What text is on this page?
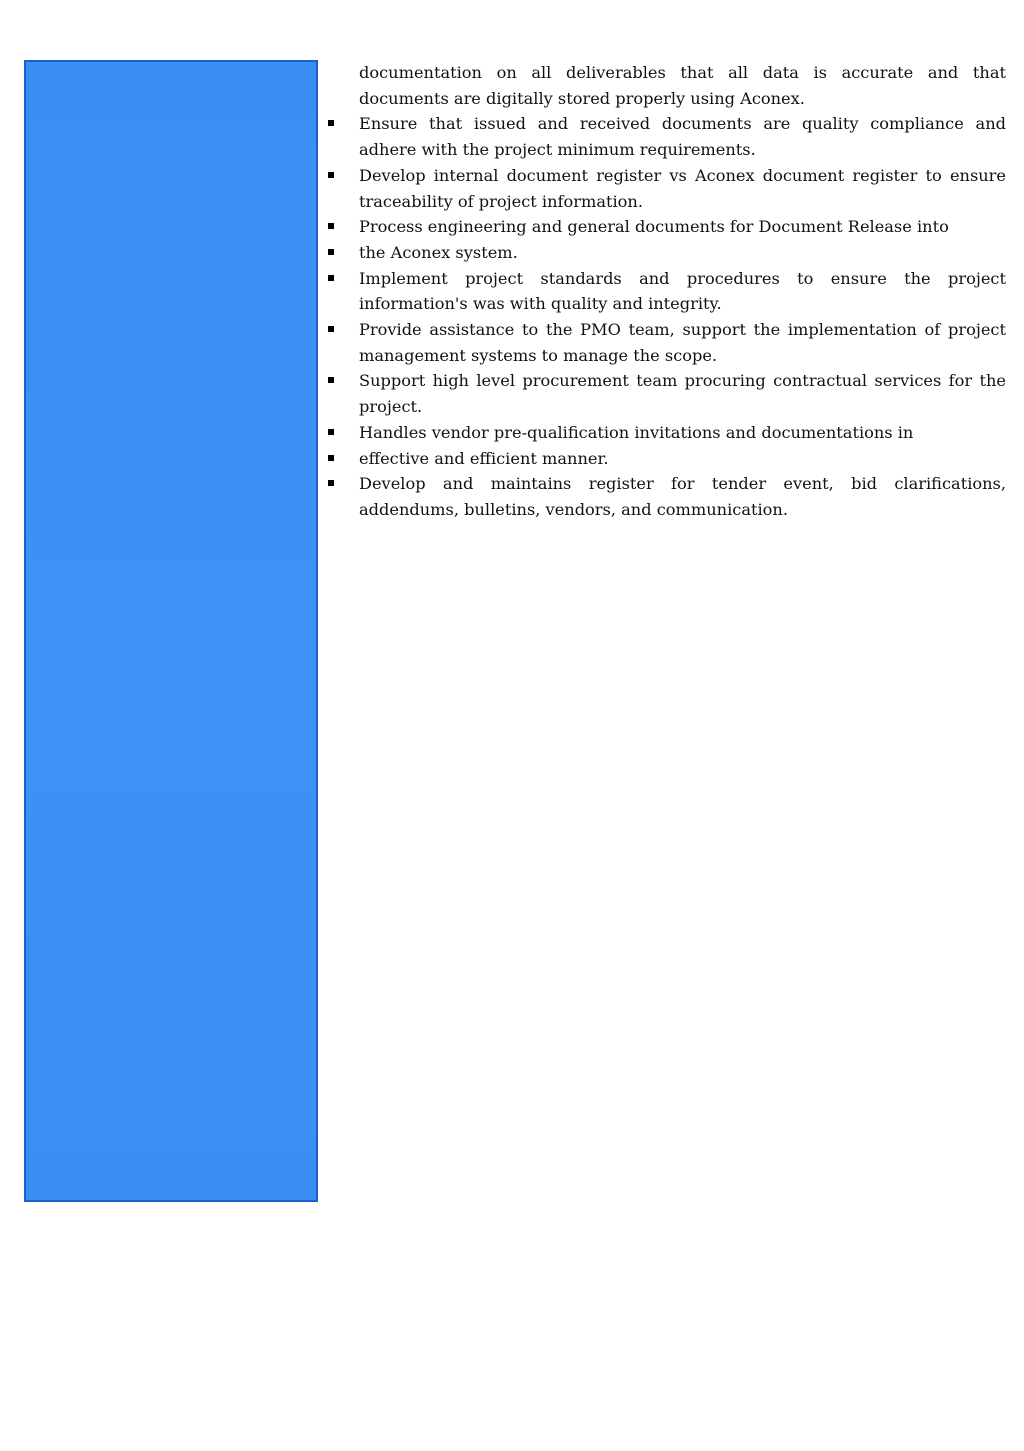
documentation on all deliverables that all data is accurate and that documents are digitally stored properly using Aconex.

Ensure that issued and received documents are quality compliance and adhere with the project minimum requirements.
Develop internal document register vs Aconex document register to ensure traceability of project information.
Process engineering and general documents for Document Release into
the Aconex system.
Implement project standards and procedures to ensure the project information's was with quality and integrity.
Provide assistance to the PMO team, support the implementation of project management systems to manage the scope.
Support high level procurement team procuring contractual services for the project.
Handles vendor pre-qualification invitations and documentations in
effective and efficient manner.
Develop and maintains register for tender event, bid clarifications, addendums, bulletins, vendors, and communication.
